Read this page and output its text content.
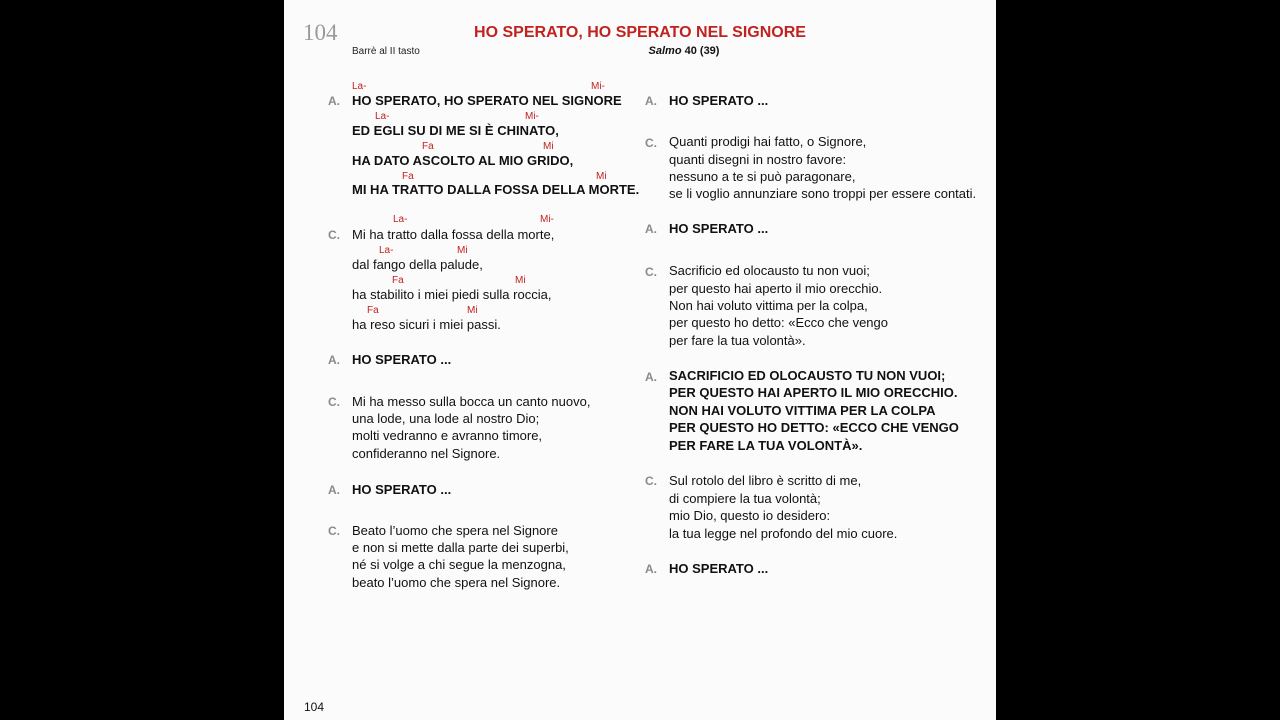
104
Barrè al II tasto
HO SPERATO, HO SPERATO NEL SIGNORE
Salmo 40 (39)
A.
La-	Mi-
HO SPERATO, HO SPERATO NEL SIGNORE
La-	Mi-
ED EGLI SU DI ME SI È CHINATO,
Fa	Mi
HA DATO ASCOLTO AL MIO GRIDO,
Fa	Mi
MI HA TRATTO DALLA FOSSA DELLA MORTE.
C.
La-	Mi-
Mi ha tratto dalla fossa della morte,
La-	Mi
dal fango della palude,
Fa	Mi
ha stabilito i miei piedi sulla roccia,
Fa	Mi
ha reso sicuri i miei passi.
A. HO SPERATO ...
C. Mi ha messo sulla bocca un canto nuovo,
una lode, una lode al nostro Dio;
molti vedranno e avranno timore,
confideranno nel Signore.
A. HO SPERATO ...
C. Beato l’uomo che spera nel Signore
e non si mette dalla parte dei superbi,
né si volge a chi segue la menzogna,
beato l’uomo che spera nel Signore.
A. HO SPERATO ...
C. Quanti prodigi hai fatto, o Signore,
quanti disegni in nostro favore:
nessuno a te si può paragonare,
se li voglio annunziare sono troppi per essere contati.
A. HO SPERATO ...
C. Sacrificio ed olocausto tu non vuoi;
per questo hai aperto il mio orecchio.
Non hai voluto vittima per la colpa,
per questo ho detto: «Ecco che vengo
per fare la tua volontà».
A. SACRIFICIO ED OLOCAUSTO TU NON VUOI;
PER QUESTO HAI APERTO IL MIO ORECCHIO.
NON HAI VOLUTO VITTIMA PER LA COLPA
PER QUESTO HO DETTO: «ECCO CHE VENGO
PER FARE LA TUA VOLONTÀ».
C. Sul rotolo del libro è scritto di me,
di compiere la tua volontà;
mio Dio, questo io desidero:
la tua legge nel profondo del mio cuore.
A. HO SPERATO ...
104
